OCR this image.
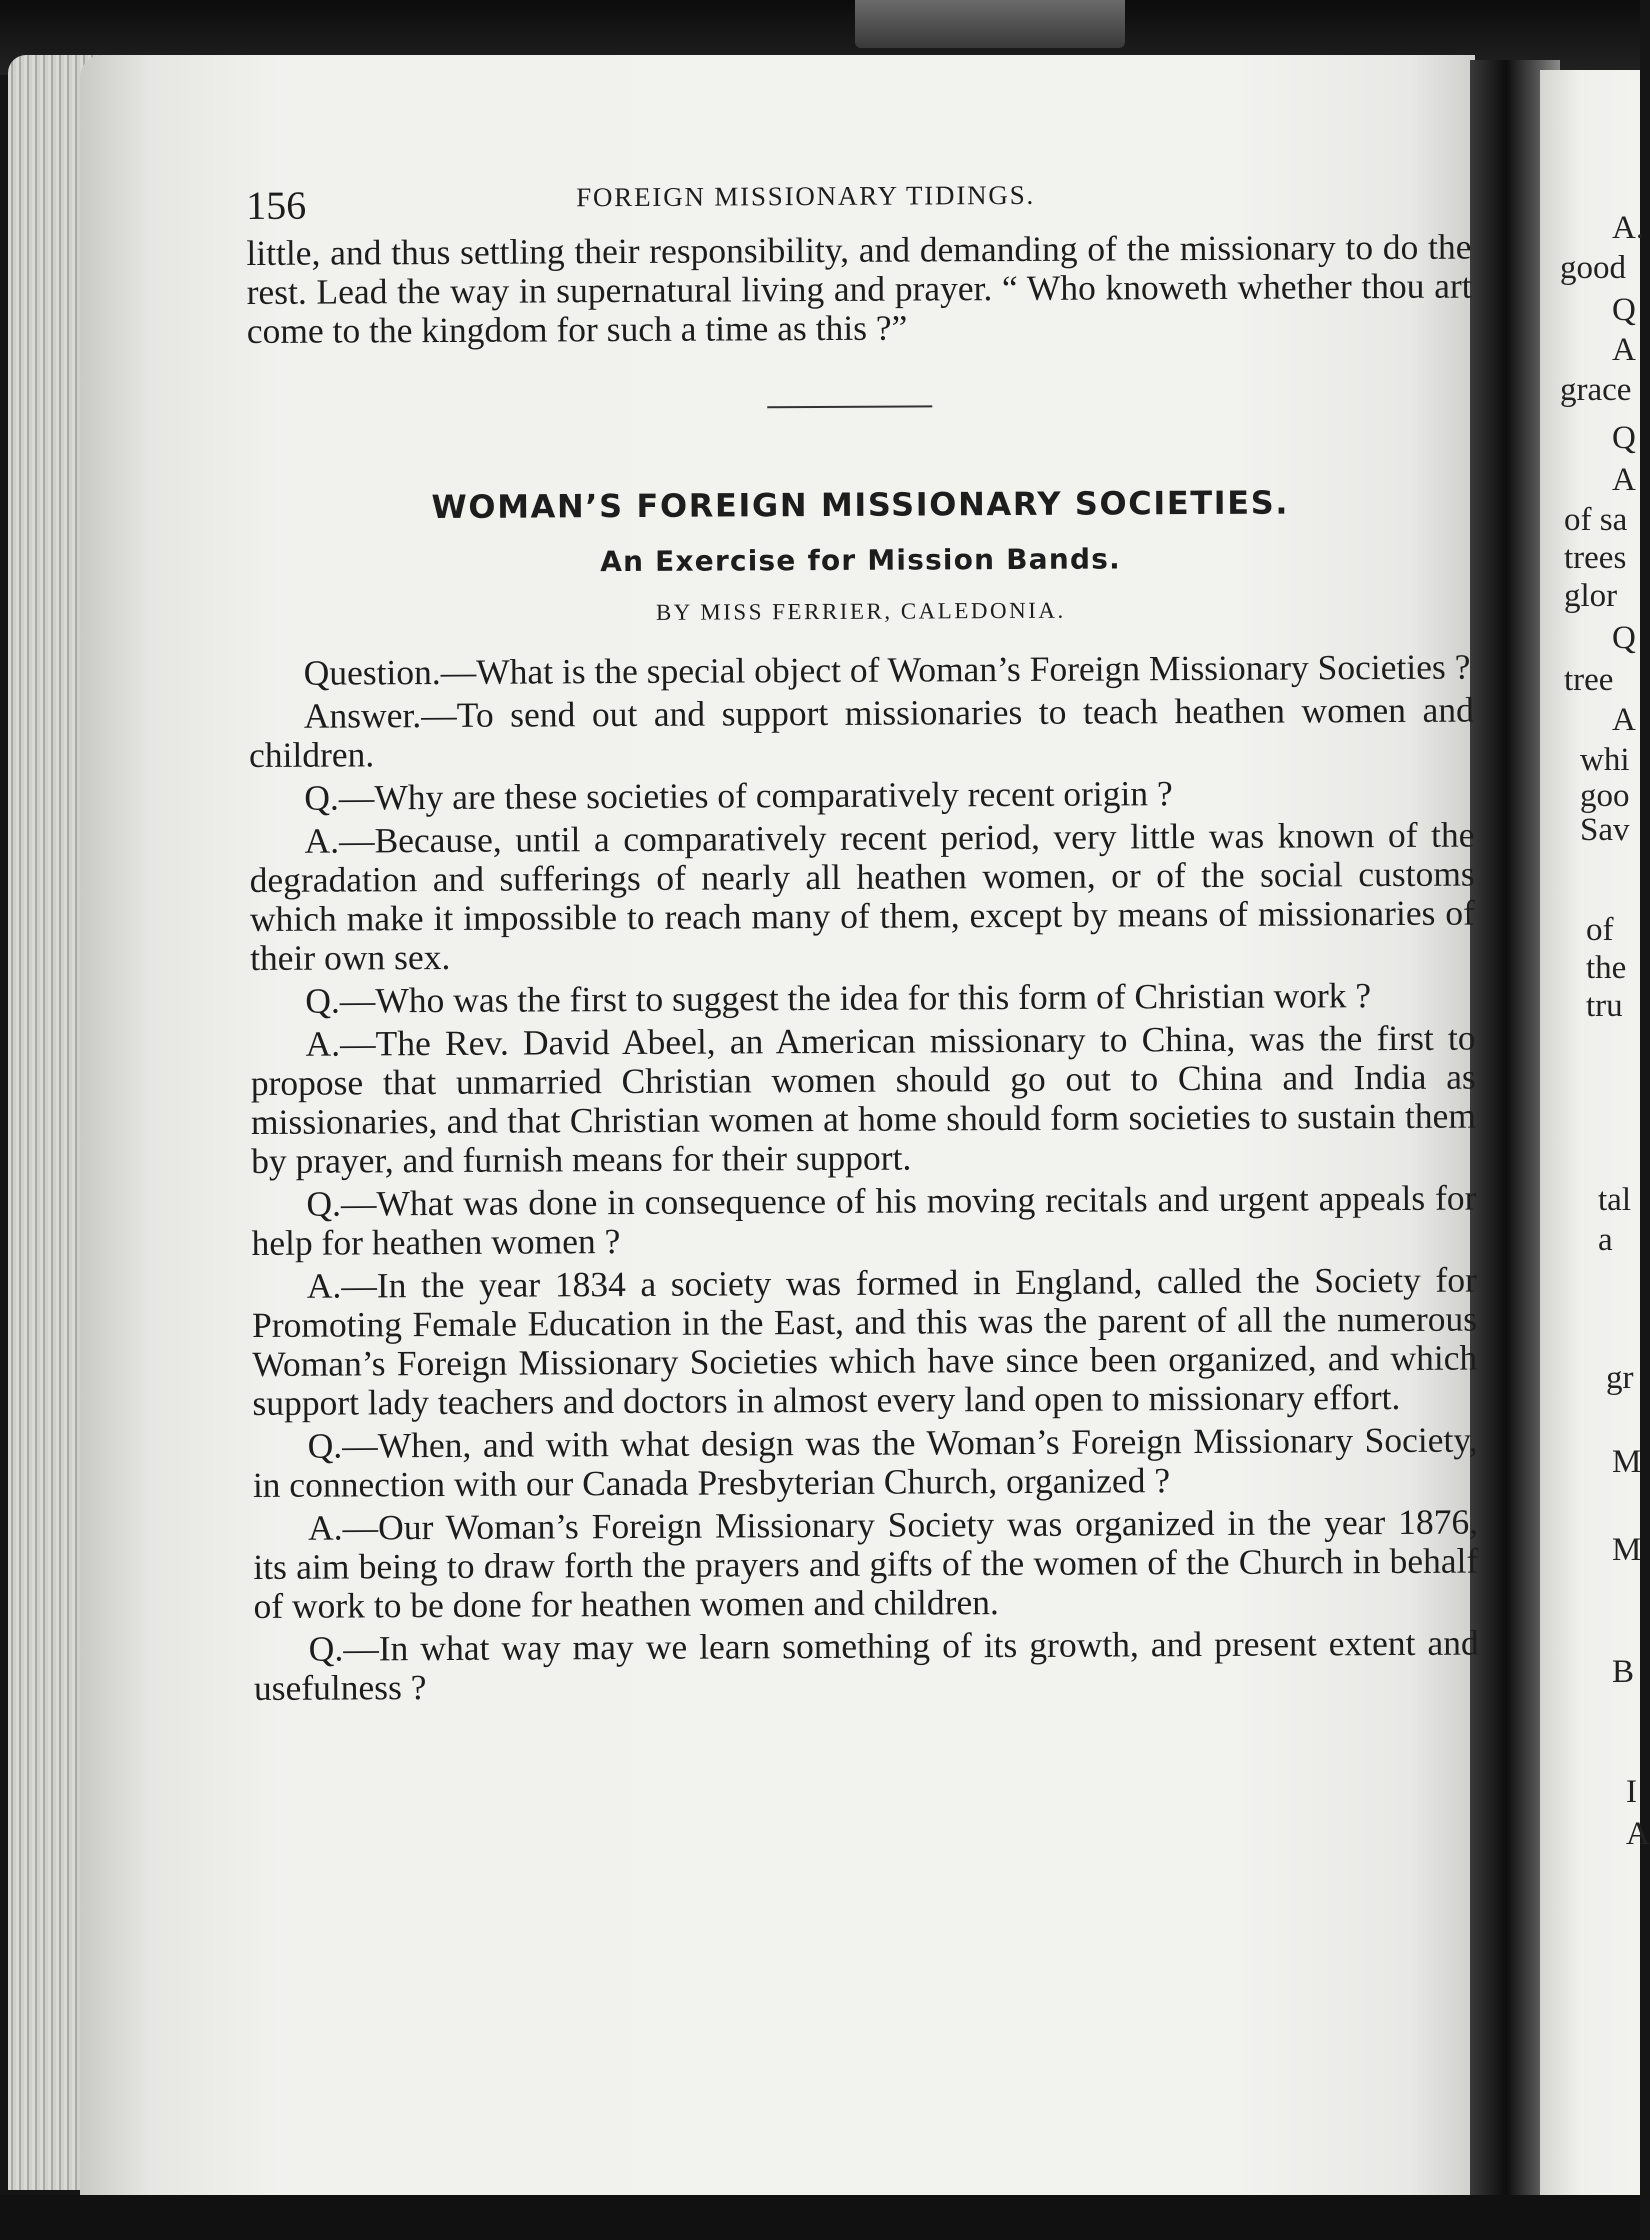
A.
good
Q
A
grace
Q
A
of sa
trees
glor
Q
tree
A
whi
goo
Sav
of
the
tru
tal
a
gr
M
M
B
I
A
156	FOREIGN MISSIONARY TIDINGS.

little, and thus settling their responsibility, and demanding of the missionary to do the rest. Lead the way in supernatural living and prayer. “ Who knoweth whether thou art come to the kingdom for such a time as this ?”

WOMAN’S FOREIGN MISSIONARY SOCIETIES.
An Exercise for Mission Bands.
BY MISS FERRIER, CALEDONIA.

Question.—What is the special object of Woman’s Foreign Missionary Societies ?

Answer.—To send out and support missionaries to teach heathen women and children.

Q.—Why are these societies of comparatively recent origin ?

A.—Because, until a comparatively recent period, very little was known of the degradation and sufferings of nearly all heathen women, or of the social customs which make it impossible to reach many of them, except by means of missionaries of their own sex.

Q.—Who was the first to suggest the idea for this form of Christian work ?

A.—The Rev. David Abeel, an American missionary to China, was the first to propose that unmarried Christian women should go out to China and India as missionaries, and that Christian women at home should form societies to sustain them by prayer, and furnish means for their support.

Q.—What was done in consequence of his moving recitals and urgent appeals for help for heathen women ?

A.—In the year 1834 a society was formed in England, called the Society for Promoting Female Education in the East, and this was the parent of all the numerous Woman’s Foreign Missionary Societies which have since been organized, and which support lady teachers and doctors in almost every land open to missionary effort.

Q.—When, and with what design was the Woman’s Foreign Missionary Society, in connection with our Canada Presbyterian Church, organized ?

A.—Our Woman’s Foreign Missionary Society was organized in the year 1876, its aim being to draw forth the prayers and gifts of the women of the Church in behalf of work to be done for heathen women and children.

Q.—In what way may we learn something of its growth, and present extent and usefulness ?
